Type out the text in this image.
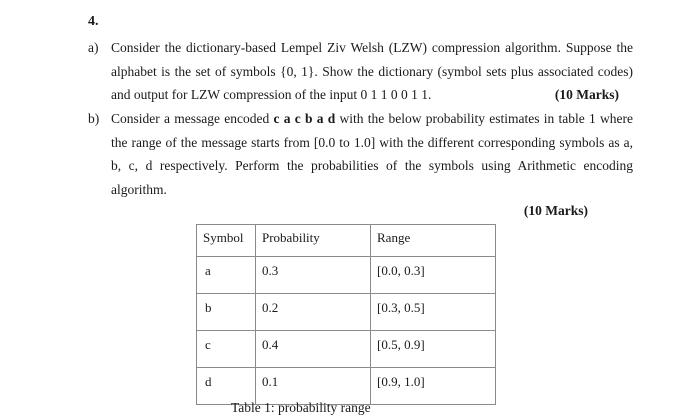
4.
a) Consider the dictionary-based Lempel Ziv Welsh (LZW) compression algorithm. Suppose the alphabet is the set of symbols {0, 1}. Show the dictionary (symbol sets plus associated codes) and output for LZW compression of the input 0 1 1 0 0 1 1.	(10 Marks)
b) Consider a message encoded c a c b a d with the below probability estimates in table 1 where the range of the message starts from [0.0 to 1.0] with the different corresponding symbols as a, b, c, d respectively. Perform the probabilities of the symbols using Arithmetic encoding algorithm.
(10 Marks)
Symbol	Probability	Range
a	0.3	[0.0, 0.3]
b	0.2	[0.3, 0.5]
c	0.4	[0.5, 0.9]
d	0.1	[0.9, 1.0]
Table 1: probability range
